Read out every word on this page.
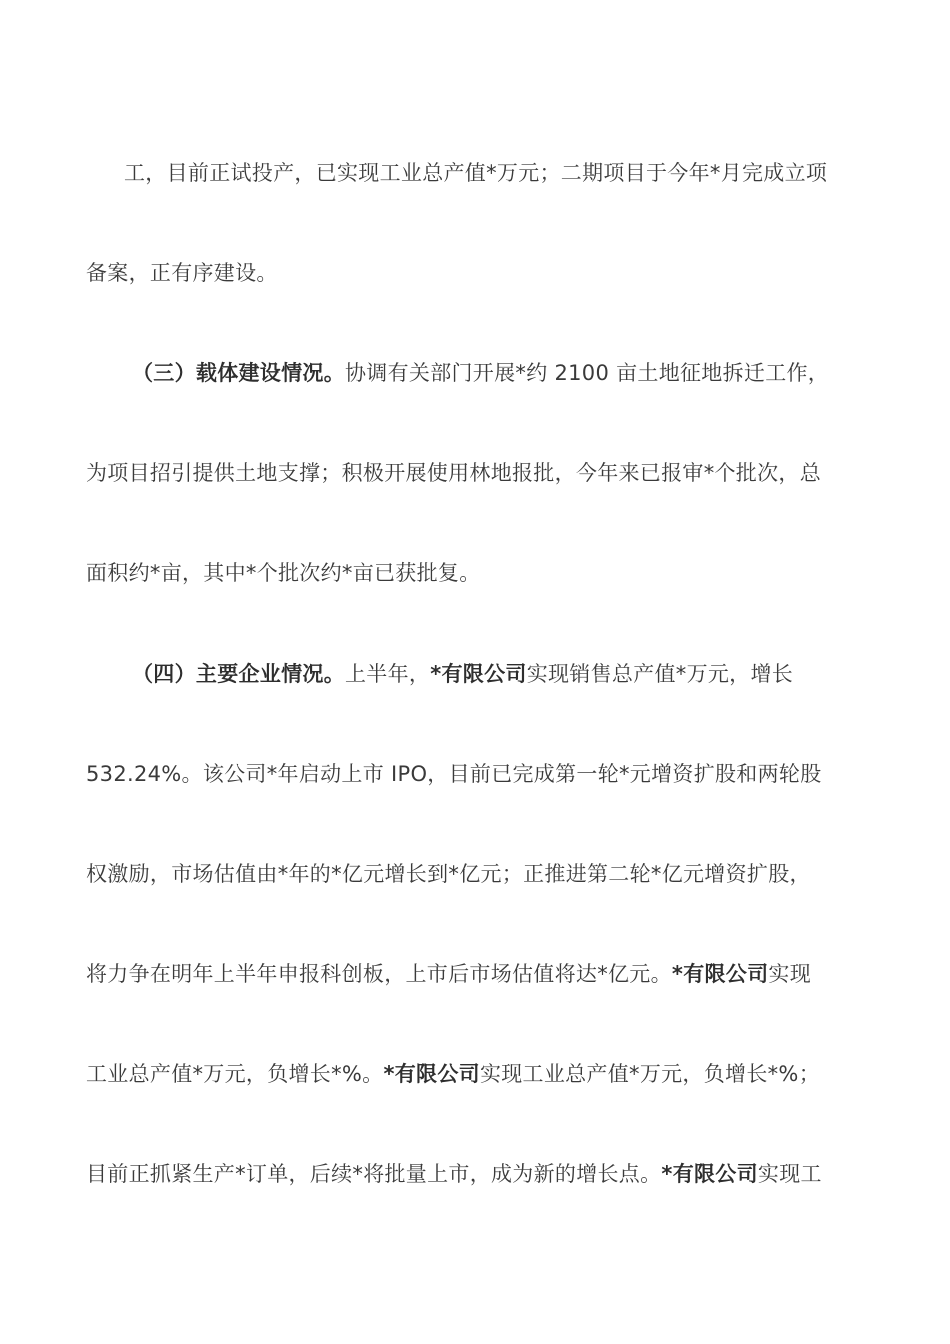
工，目前正试投产，已实现工业总产值*万元；二期项目于今年*月完成立项
备案，正有序建设。
（三）载体建设情况。协调有关部门开展*约 2100 亩土地征地拆迁工作，
为项目招引提供土地支撑；积极开展使用林地报批，今年来已报审*个批次，总
面积约*亩，其中*个批次约*亩已获批复。
（四）主要企业情况。上半年，*有限公司实现销售总产值*万元，增长
532.24%。该公司*年启动上市 IPO，目前已完成第一轮*元增资扩股和两轮股
权激励，市场估值由*年的*亿元增长到*亿元；正推进第二轮*亿元增资扩股，
将力争在明年上半年申报科创板，上市后市场估值将达*亿元。*有限公司实现
工业总产值*万元，负增长*%。*有限公司实现工业总产值*万元，负增长*%；
目前正抓紧生产*订单，后续*将批量上市，成为新的增长点。*有限公司实现工
